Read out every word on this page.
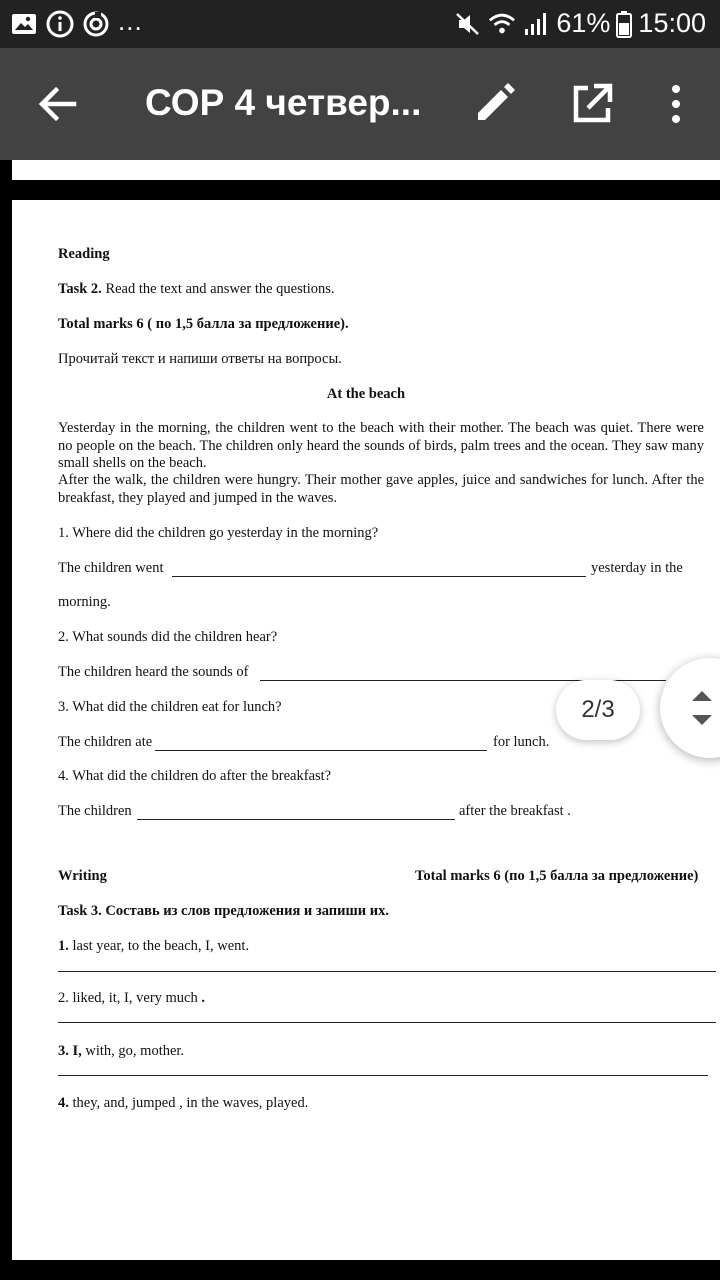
...	61% 15:00
СОР 4 четвер...
Reading
Task 2. Read the text and answer the questions.
Total marks 6 ( по 1,5 балла за предложение).
Прочитай текст и напиши ответы на вопросы.
At the beach
Yesterday in the morning, the children went to the beach with their mother. The beach was quiet. There were no people on the beach. The children only heard the sounds of birds, palm trees and the ocean. They saw many small shells on the beach.
After the walk, the children were hungry. Their mother gave apples, juice and sandwiches for lunch. After the breakfast, they played and jumped in the waves.
1. Where did the children go yesterday in the morning?
The children went	yesterday in the
morning.
2. What sounds did the children hear?
The children heard the sounds of
3. What did the children eat for lunch?
The children ate	for lunch.
4. What did the children do after the breakfast?
The children	after the breakfast .
Writing	Total marks 6 (по 1,5 балла за предложение)
Task 3. Составь из слов предложения и запиши их.
1. last year, to the beach, I, went.
2. liked, it, I, very much .
3. I, with, go, mother.
4. they, and, jumped , in the waves, played.
2/3
